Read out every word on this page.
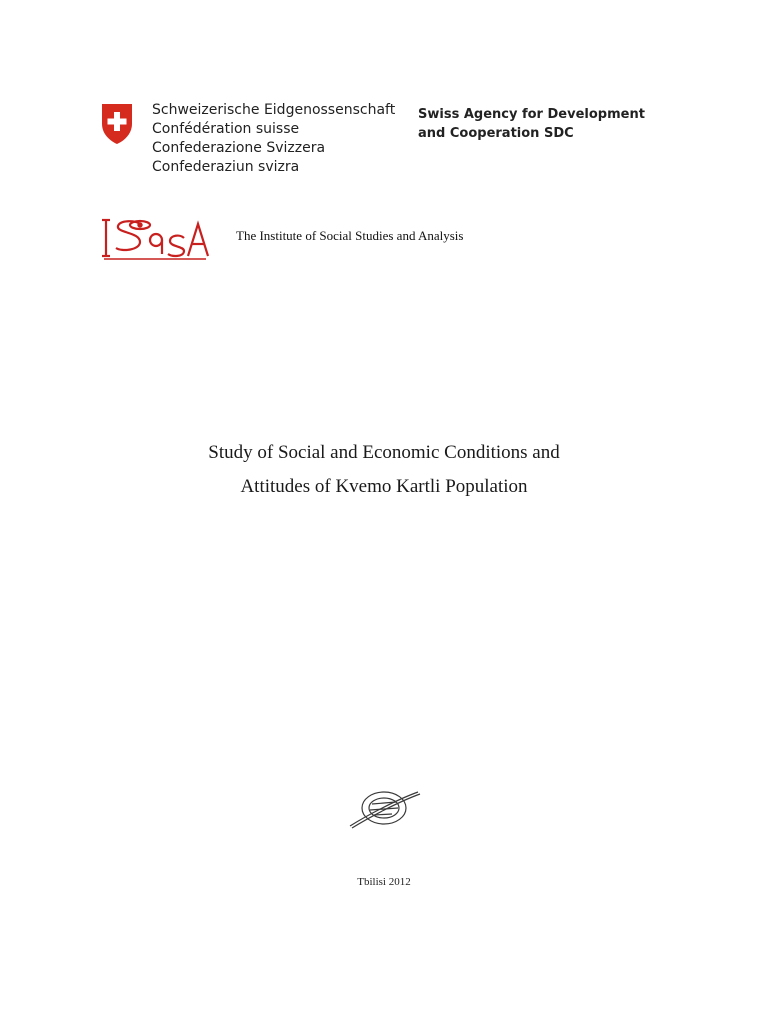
Schweizerische Eidgenossenschaft
Confédération suisse
Confederazione Svizzera
Confederaziun svizra
Swiss Agency for Development
and Cooperation SDC
The Institute of Social Studies and Analysis
Study of Social and Economic Conditions and
Attitudes of Kvemo Kartli Population
Tbilisi 2012
